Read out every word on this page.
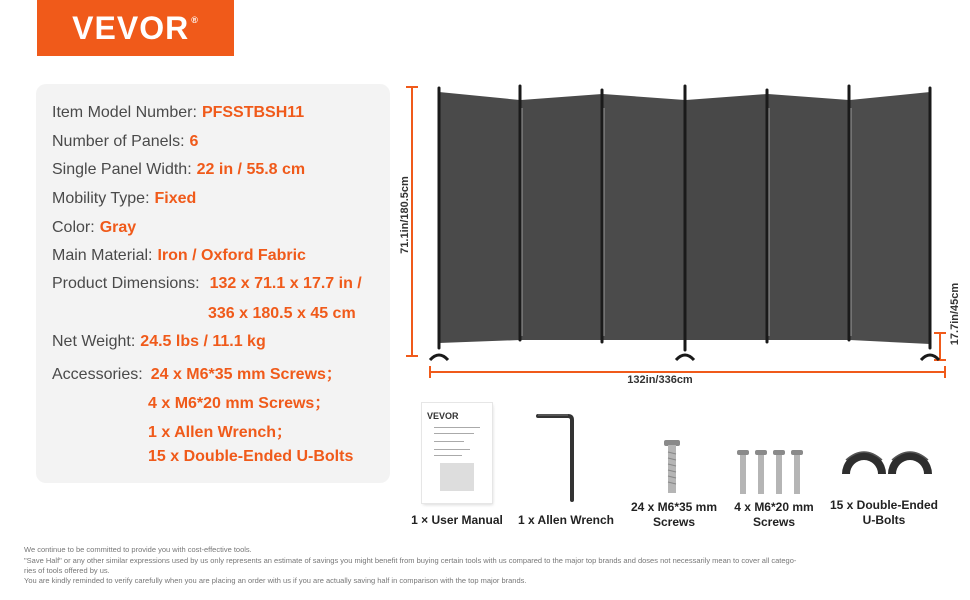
VEVOR®
Item Model Number: PFSSTBSH11
Number of Panels: 6
Single Panel Width: 22 in / 55.8 cm
Mobility Type: Fixed
Color: Gray
Main Material: Iron / Oxford Fabric
Product Dimensions: 132 x 71.1 x 17.7 in /
336 x 180.5 x 45 cm
Net Weight: 24.5 lbs / 11.1 kg
Accessories: 24 x M6*35 mm Screws；
4 x M6*20 mm Screws；
1 x Allen Wrench；
15 x Double-Ended U-Bolts
71.1in/180.5cm
132in/336cm
17.7in/45cm
VEVOR
1 × User Manual	1 x Allen Wrench
24 x M6*35 mm
Screws
4 x M6*20 mm
Screws
15 x Double-Ended
U-Bolts
We continue to be committed to provide you with cost-effective tools.
"Save Half" or any other similar expressions used by us only represents an estimate of savings you might benefit from buying certain tools with us compared to the major top brands and doses not necessarily mean to cover all catego-
ries of tools offered by us.
You are kindly reminded to verify carefully when you are placing an order with us if you are actually saving half in comparison with the top major brands.
